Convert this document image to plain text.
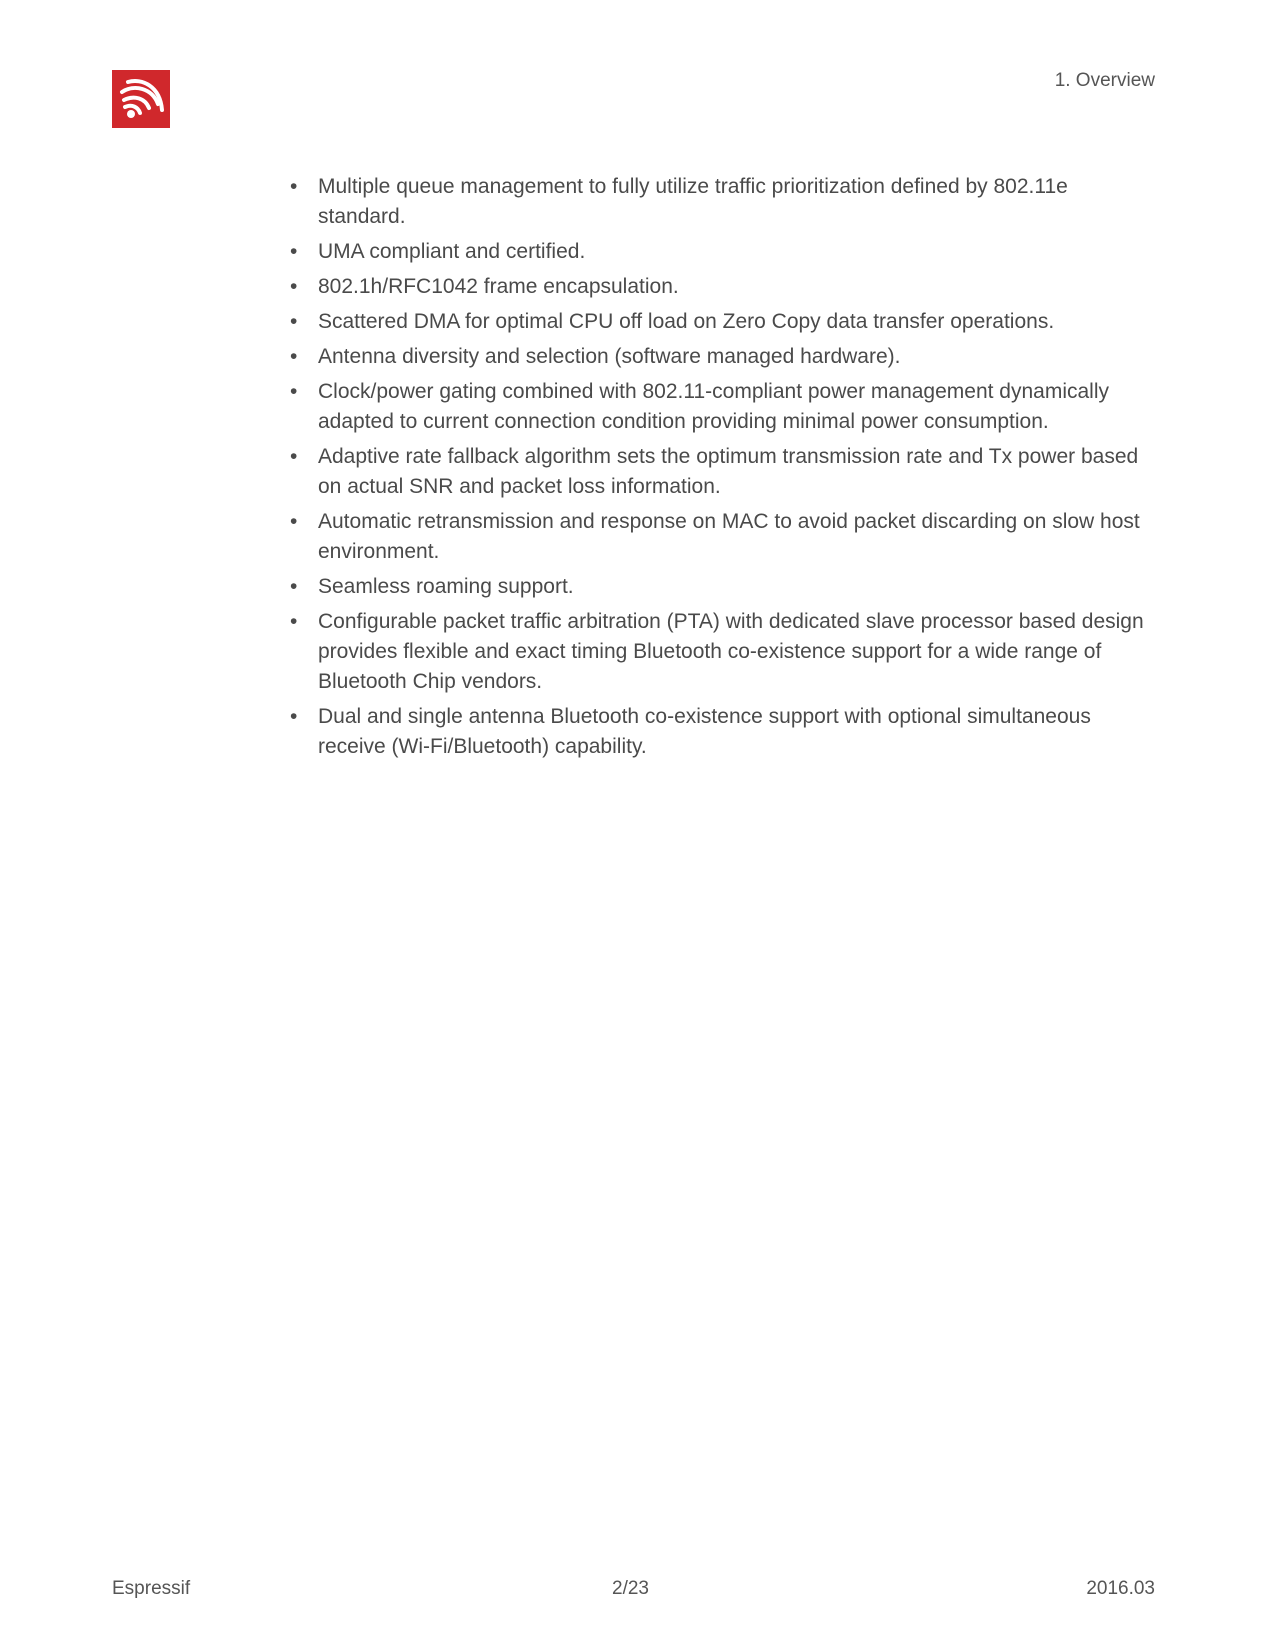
1. Overview
• Multiple queue management to fully utilize traffic prioritization defined by 802.11e standard.
• UMA compliant and certified.
• 802.1h/RFC1042 frame encapsulation.
• Scattered DMA for optimal CPU off load on Zero Copy data transfer operations.
• Antenna diversity and selection (software managed hardware).
• Clock/power gating combined with 802.11-compliant power management dynamically adapted to current connection condition providing minimal power consumption.
• Adaptive rate fallback algorithm sets the optimum transmission rate and Tx power based on actual SNR and packet loss information.
• Automatic retransmission and response on MAC to avoid packet discarding on slow host environment.
• Seamless roaming support.
• Configurable packet traffic arbitration (PTA) with dedicated slave processor based design provides flexible and exact timing Bluetooth co-existence support for a wide range of Bluetooth Chip vendors.
• Dual and single antenna Bluetooth co-existence support with optional simultaneous receive (Wi-Fi/Bluetooth) capability.
Espressif	2/23	2016.03
